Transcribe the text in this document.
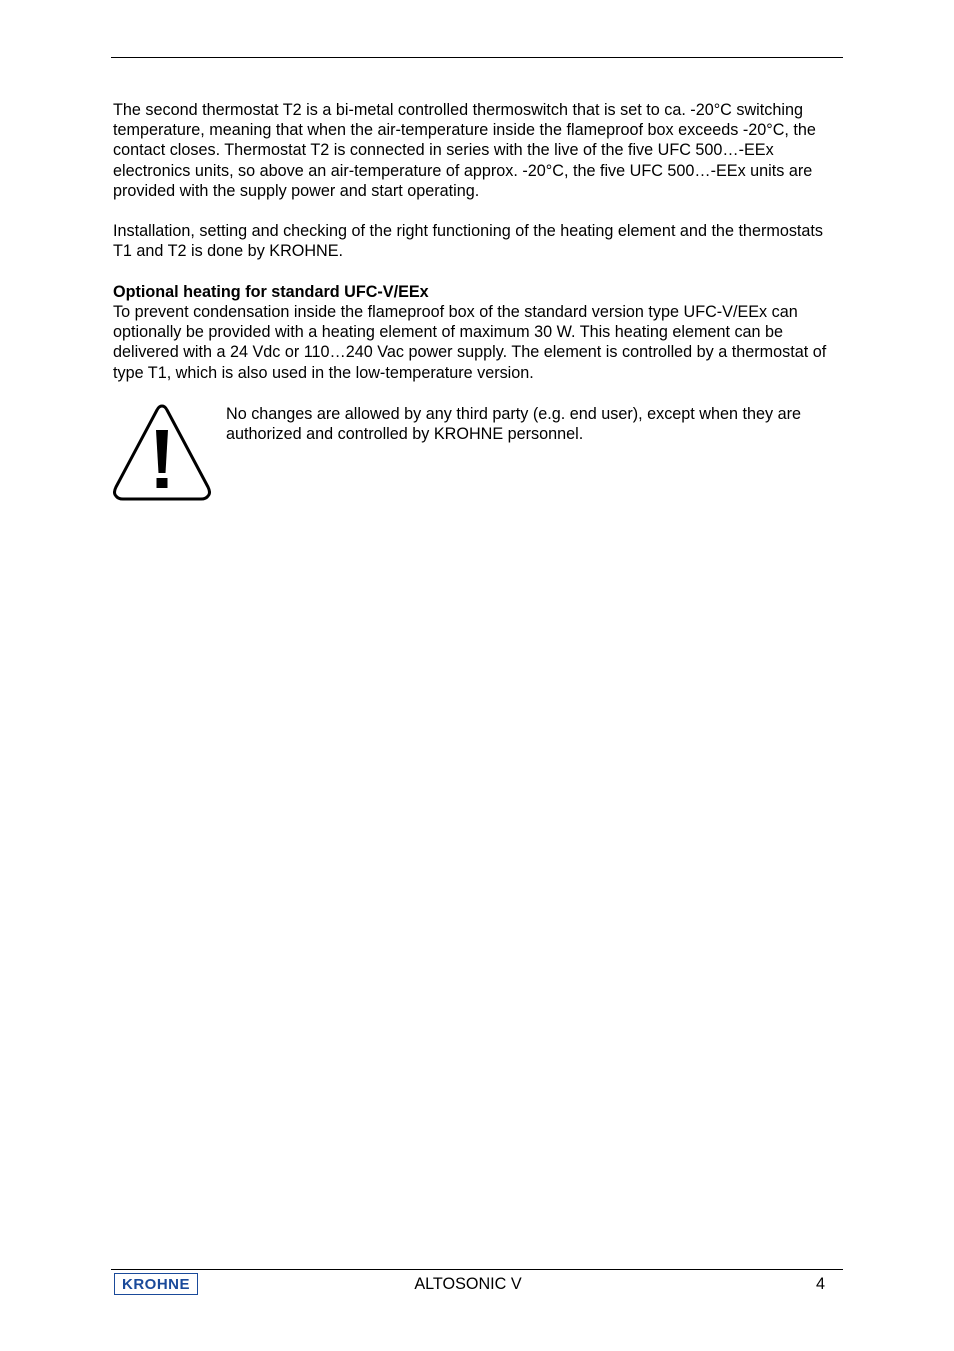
The second thermostat T2 is a bi-metal controlled thermoswitch that is set to ca. -20°C switching temperature, meaning that when the air-temperature inside the flameproof box exceeds -20°C, the contact closes. Thermostat T2 is connected in series with the live of the five UFC 500…-EEx electronics units, so above an air-temperature of approx. -20°C, the five UFC 500…-EEx units are provided with the supply power and start operating.

Installation, setting and checking of the right functioning of the heating element and the thermostats T1 and T2 is done by KROHNE.

Optional heating for standard UFC-V/EEx

To prevent condensation inside the flameproof box of the standard version type UFC-V/EEx can optionally be provided with a heating element of maximum 30 W. This heating element can be delivered with a 24 Vdc or 110…240 Vac power supply. The element is controlled by a thermostat of type T1, which is also used in the low-temperature version.

No changes are allowed by any third party (e.g. end user), except when they are authorized and controlled by KROHNE personnel.

KROHNE	ALTOSONIC V	4
